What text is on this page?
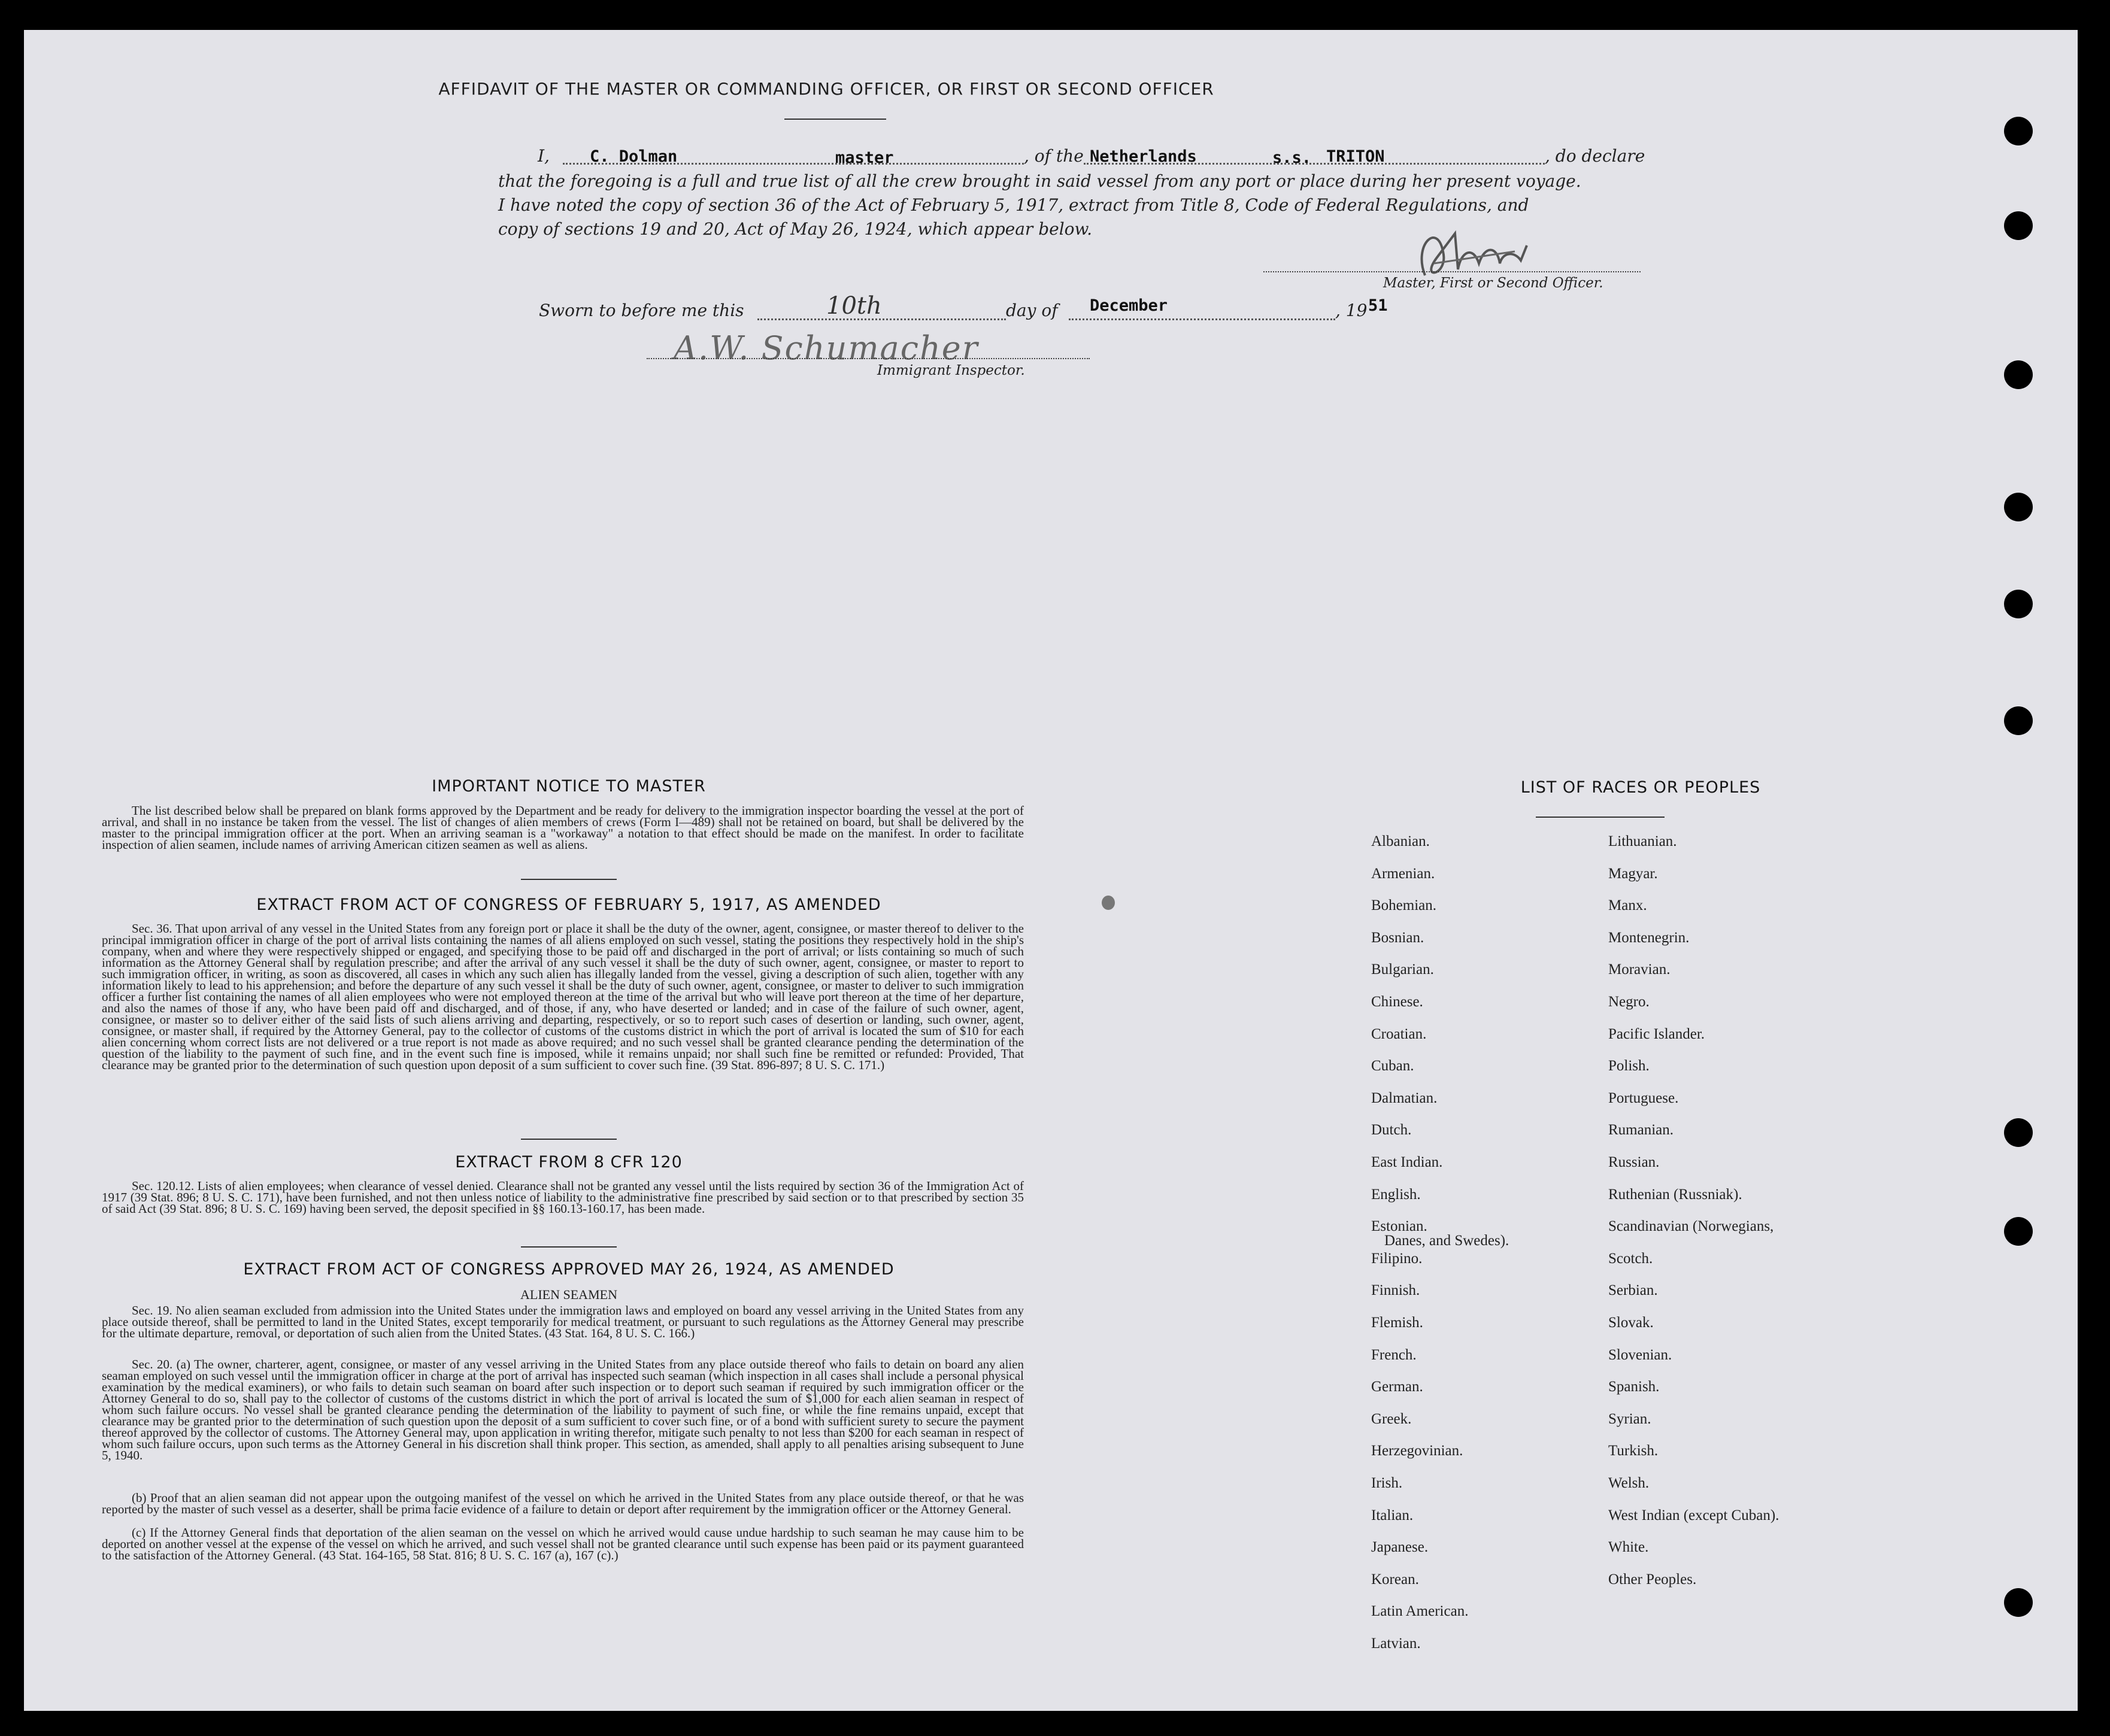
AFFIDAVIT OF THE MASTER OR COMMANDING OFFICER, OR FIRST OR SECOND OFFICER
I, C. Dolman	master	, of the Netherlands	s.s. TRITON	, do declare
that the foregoing is a full and true list of all the crew brought in said vessel from any port or place during her present voyage.
I have noted the copy of section 36 of the Act of February 5, 1917, extract from Title 8, Code of Federal Regulations, and
copy of sections 19 and 20, Act of May 26, 1924, which appear below.
Master, First or Second Officer.
Sworn to before me this	10th	day of December	, 19 51
A.W. Schumacher
Immigrant Inspector.
IMPORTANT NOTICE TO MASTER

The list described below shall be prepared on blank forms approved by the Department and be ready for delivery to the immigration inspector boarding the vessel at the port of arrival, and shall in no instance be taken from the vessel. The list of changes of alien members of crews (Form I—489) shall not be retained on board, but shall be delivered by the master to the principal immigration officer at the port. When an arriving seaman is a "workaway" a notation to that effect should be made on the manifest. In order to facilitate inspection of alien seamen, include names of arriving American citizen seamen as well as aliens.

EXTRACT FROM ACT OF CONGRESS OF FEBRUARY 5, 1917, AS AMENDED

Sec. 36. That upon arrival of any vessel in the United States from any foreign port or place it shall be the duty of the owner, agent, consignee, or master thereof to deliver to the principal immigration officer in charge of the port of arrival lists containing the names of all aliens employed on such vessel, stating the positions they respectively hold in the ship's company, when and where they were respectively shipped or engaged, and specifying those to be paid off and discharged in the port of arrival; or lists containing so much of such information as the Attorney General shall by regulation prescribe; and after the arrival of any such vessel it shall be the duty of such owner, agent, consignee, or master to report to such immigration officer, in writing, as soon as discovered, all cases in which any such alien has illegally landed from the vessel, giving a description of such alien, together with any information likely to lead to his apprehension; and before the departure of any such vessel it shall be the duty of such owner, agent, consignee, or master to deliver to such immigration officer a further list containing the names of all alien employees who were not employed thereon at the time of the arrival but who will leave port thereon at the time of her departure, and also the names of those if any, who have been paid off and discharged, and of those, if any, who have deserted or landed; and in case of the failure of such owner, agent, consignee, or master so to deliver either of the said lists of such aliens arriving and departing, respectively, or so to report such cases of desertion or landing, such owner, agent, consignee, or master shall, if required by the Attorney General, pay to the collector of customs of the customs district in which the port of arrival is located the sum of $10 for each alien concerning whom correct lists are not delivered or a true report is not made as above required; and no such vessel shall be granted clearance pending the determination of the question of the liability to the payment of such fine, and in the event such fine is imposed, while it remains unpaid; nor shall such fine be remitted or refunded: Provided, That clearance may be granted prior to the determination of such question upon deposit of a sum sufficient to cover such fine. (39 Stat. 896-897; 8 U. S. C. 171.)

EXTRACT FROM 8 CFR 120

Sec. 120.12. Lists of alien employees; when clearance of vessel denied. Clearance shall not be granted any vessel until the lists required by section 36 of the Immigration Act of 1917 (39 Stat. 896; 8 U. S. C. 171), have been furnished, and not then unless notice of liability to the administrative fine prescribed by said section or to that prescribed by section 35 of said Act (39 Stat. 896; 8 U. S. C. 169) having been served, the deposit specified in §§ 160.13-160.17, has been made.

EXTRACT FROM ACT OF CONGRESS APPROVED MAY 26, 1924, AS AMENDED
ALIEN SEAMEN

Sec. 19. No alien seaman excluded from admission into the United States under the immigration laws and employed on board any vessel arriving in the United States from any place outside thereof, shall be permitted to land in the United States, except temporarily for medical treatment, or pursuant to such regulations as the Attorney General may prescribe for the ultimate departure, removal, or deportation of such alien from the United States. (43 Stat. 164, 8 U. S. C. 166.)

Sec. 20. (a) The owner, charterer, agent, consignee, or master of any vessel arriving in the United States from any place outside thereof who fails to detain on board any alien seaman employed on such vessel until the immigration officer in charge at the port of arrival has inspected such seaman (which inspection in all cases shall include a personal physical examination by the medical examiners), or who fails to detain such seaman on board after such inspection or to deport such seaman if required by such immigration officer or the Attorney General to do so, shall pay to the collector of customs of the customs district in which the port of arrival is located the sum of $1,000 for each alien seaman in respect of whom such failure occurs. No vessel shall be granted clearance pending the determination of the liability to payment of such fine, or while the fine remains unpaid, except that clearance may be granted prior to the determination of such question upon the deposit of a sum sufficient to cover such fine, or of a bond with sufficient surety to secure the payment thereof approved by the collector of customs. The Attorney General may, upon application in writing therefor, mitigate such penalty to not less than $200 for each seaman in respect of whom such failure occurs, upon such terms as the Attorney General in his discretion shall think proper. This section, as amended, shall apply to all penalties arising subsequent to June 5, 1940.

(b) Proof that an alien seaman did not appear upon the outgoing manifest of the vessel on which he arrived in the United States from any place outside thereof, or that he was reported by the master of such vessel as a deserter, shall be prima facie evidence of a failure to detain or deport after requirement by the immigration officer or the Attorney General.

(c) If the Attorney General finds that deportation of the alien seaman on the vessel on which he arrived would cause undue hardship to such seaman he may cause him to be deported on another vessel at the expense of the vessel on which he arrived, and such vessel shall not be granted clearance until such expense has been paid or its payment guaranteed to the satisfaction of the Attorney General. (43 Stat. 164-165, 58 Stat. 816; 8 U. S. C. 167 (a), 167 (c).)

LIST OF RACES OR PEOPLES
Albanian.
Armenian.
Bohemian.
Bosnian.
Bulgarian.
Chinese.
Croatian.
Cuban.
Dalmatian.
Dutch.
East Indian.
English.
Estonian.
Filipino.
Finnish.
Flemish.
French.
German.
Greek.
Herzegovinian.
Irish.
Italian.
Japanese.
Korean.
Latin American.
Latvian.
Lithuanian.
Magyar.
Manx.
Montenegrin.
Moravian.
Negro.
Pacific Islander.
Polish.
Portuguese.
Rumanian.
Russian.
Ruthenian (Russniak).
Scandinavian (Norwegians,
Danes, and Swedes).
Scotch.
Serbian.
Slovak.
Slovenian.
Spanish.
Syrian.
Turkish.
Welsh.
West Indian (except Cuban).
White.
Other Peoples.
